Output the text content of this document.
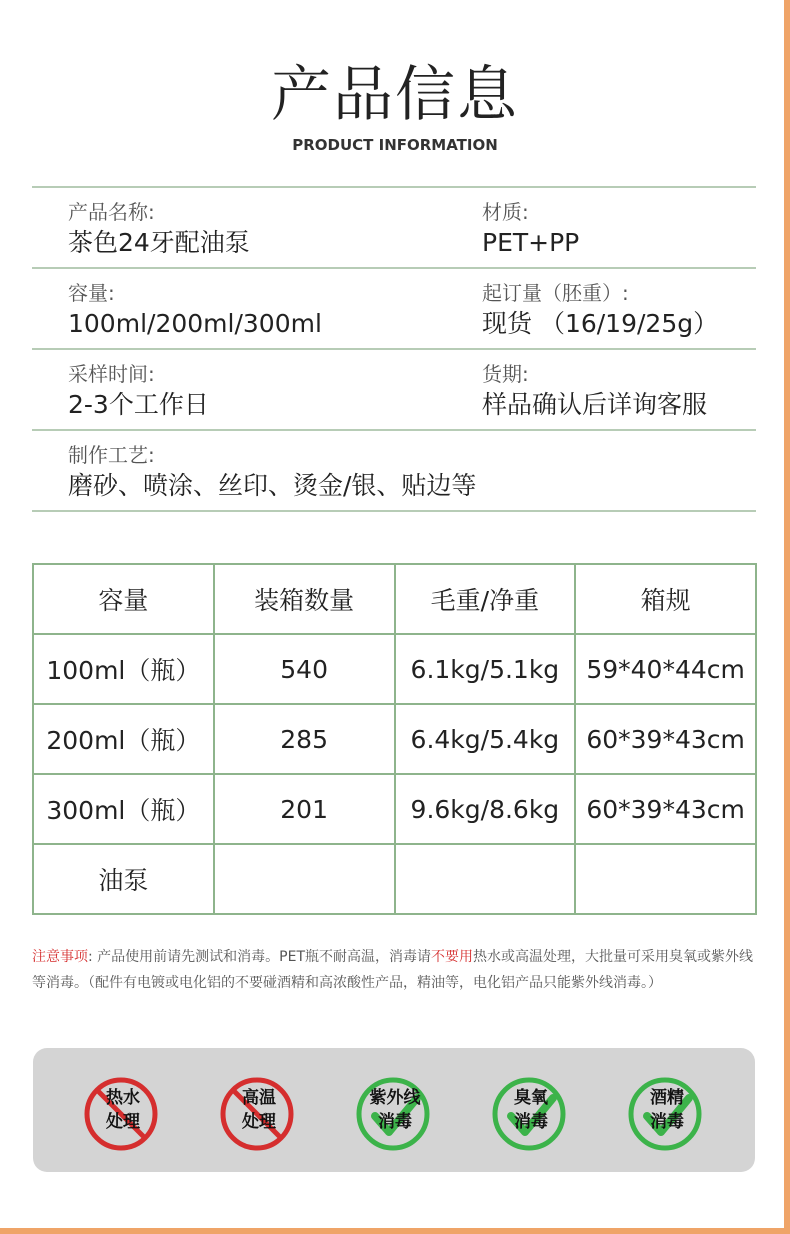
产品信息
PRODUCT INFORMATION
产品名称:
茶色24牙配油泵
材质:
PET+PP
容量:
100ml/200ml/300ml
起订量（胚重）:
现货 （16/19/25g）
采样时间:
2-3个工作日
货期:
样品确认后详询客服
制作工艺:
磨砂、喷涂、丝印、烫金/银、贴边等
容量	装箱数量	毛重/净重	箱规
100ml（瓶）	540	6.1kg/5.1kg	59*40*44cm
200ml（瓶）	285	6.4kg/5.4kg	60*39*43cm
300ml（瓶）	201	9.6kg/8.6kg	60*39*43cm
油泵			
注意事项: 产品使用前请先测试和消毒。PET瓶不耐高温，消毒请不要用热水或高温处理，大批量可采用臭氧或紫外线等消毒。（配件有电镀或电化铝的不要碰酒精和高浓酸性产品，精油等，电化铝产品只能紫外线消毒。）
热水
处理
高温
处理
紫外线
消毒
臭氧
消毒
酒精
消毒
